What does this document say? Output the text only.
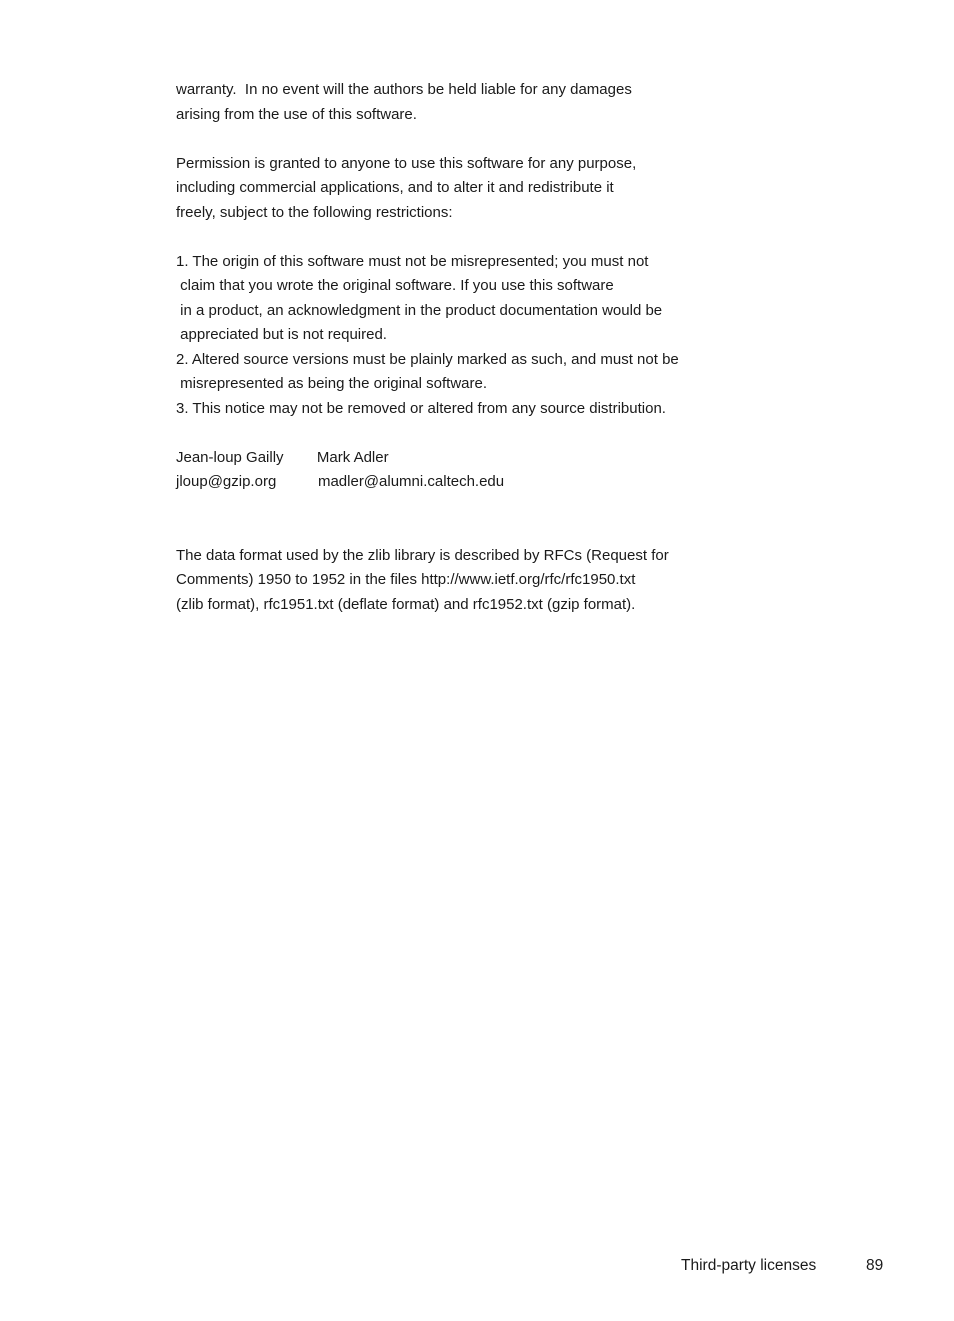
warranty.  In no event will the authors be held liable for any damages
arising from the use of this software.
Permission is granted to anyone to use this software for any purpose,
including commercial applications, and to alter it and redistribute it
freely, subject to the following restrictions:
1. The origin of this software must not be misrepresented; you must not
claim that you wrote the original software. If you use this software
in a product, an acknowledgment in the product documentation would be
appreciated but is not required.
2. Altered source versions must be plainly marked as such, and must not be
misrepresented as being the original software.
3. This notice may not be removed or altered from any source distribution.
Jean-loup Gailly        Mark Adler
jloup@gzip.org          madler@alumni.caltech.edu
The data format used by the zlib library is described by RFCs (Request for
Comments) 1950 to 1952 in the files http://www.ietf.org/rfc/rfc1950.txt
(zlib format), rfc1951.txt (deflate format) and rfc1952.txt (gzip format).
Third-party licenses	89
